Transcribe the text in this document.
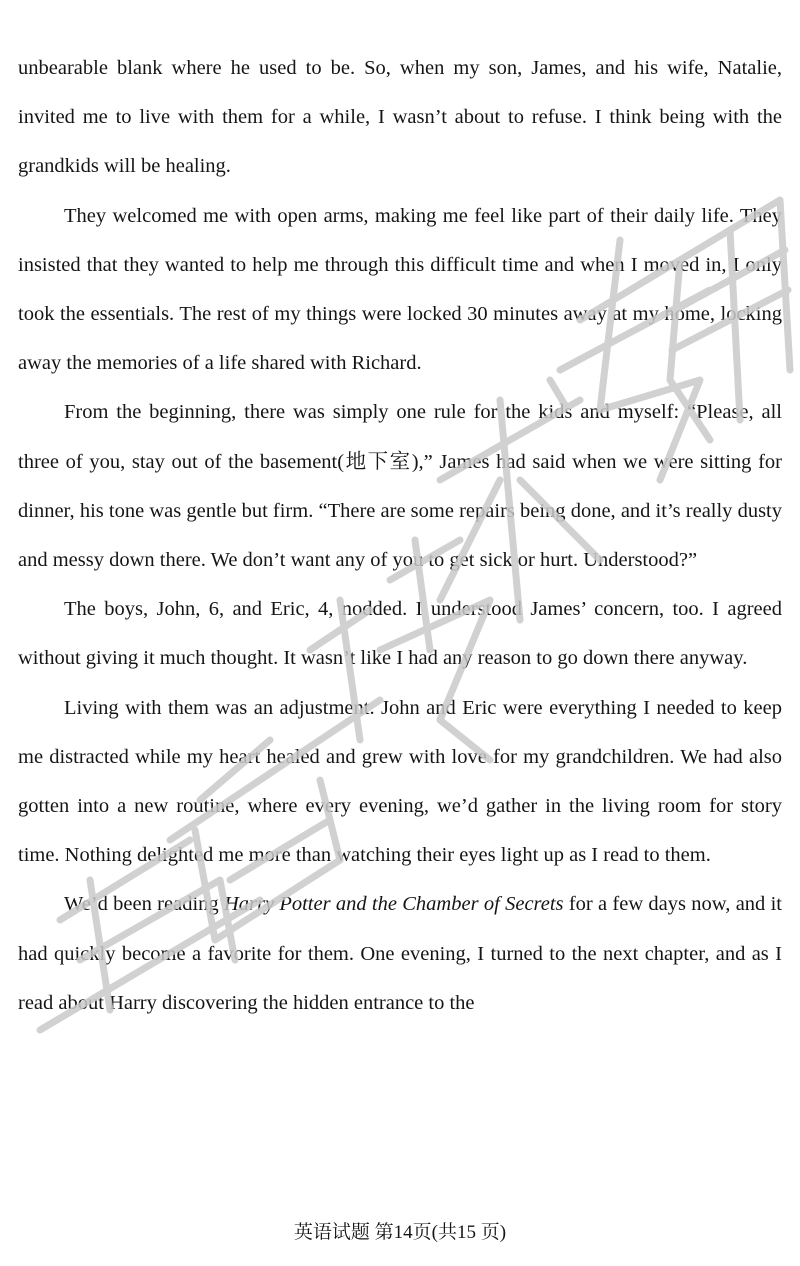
unbearable blank where he used to be. So, when my son, James, and his wife, Natalie, invited me to live with them for a while, I wasn’t about to refuse. I think being with the grandkids will be healing.

They welcomed me with open arms, making me feel like part of their daily life. They insisted that they wanted to help me through this difficult time and when I moved in, I only took the essentials. The rest of my things were locked 30 minutes away at my home, locking away the memories of a life shared with Richard.

From the beginning, there was simply one rule for the kids and myself: “Please, all three of you, stay out of the basement(地下室),” James had said when we were sitting for dinner, his tone was gentle but firm. “There are some repairs being done, and it’s really dusty and messy down there. We don’t want any of you to get sick or hurt. Understood?”

The boys, John, 6, and Eric, 4, nodded. I understood James’ concern, too. I agreed without giving it much thought. It wasn’t like I had any reason to go down there anyway.

Living with them was an adjustment. John and Eric were everything I needed to keep me distracted while my heart healed and grew with love for my grandchildren. We had also gotten into a new routine, where every evening, we’d gather in the living room for story time. Nothing delighted me more than watching their eyes light up as I read to them.

We’d been reading Harry Potter and the Chamber of Secrets for a few days now, and it had quickly become a favorite for them. One evening, I turned to the next chapter, and as I read about Harry discovering the hidden entrance to the

英语试题 第14页(共15 页)
